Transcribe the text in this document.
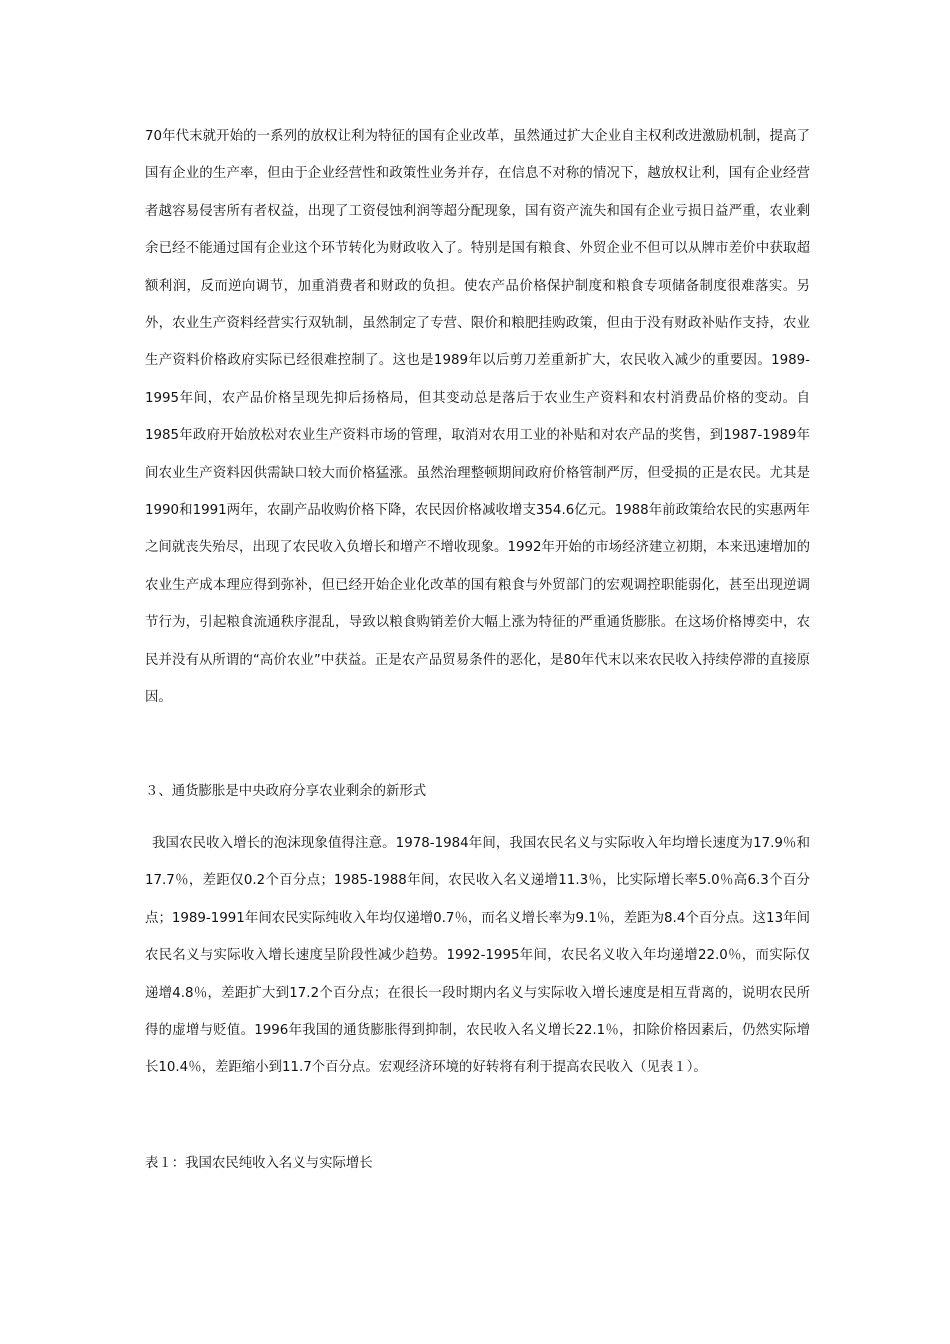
70年代末就开始的一系列的放权让利为特征的国有企业改革，虽然通过扩大企业自主权利改进激励机制，提高了国有企业的生产率，但由于企业经营性和政策性业务并存，在信息不对称的情况下，越放权让利，国有企业经营者越容易侵害所有者权益，出现了工资侵蚀利润等超分配现象，国有资产流失和国有企业亏损日益严重，农业剩余已经不能通过国有企业这个环节转化为财政收入了。特别是国有粮食、外贸企业不但可以从牌市差价中获取超额利润，反而逆向调节，加重消费者和财政的负担。使农产品价格保护制度和粮食专项储备制度很难落实。另外，农业生产资料经营实行双轨制，虽然制定了专营、限价和粮肥挂购政策，但由于没有财政补贴作支持，农业生产资料价格政府实际已经很难控制了。这也是1989年以后剪刀差重新扩大，农民收入减少的重要因。1989-1995年间，农产品价格呈现先抑后扬格局，但其变动总是落后于农业生产资料和农村消费品价格的变动。自1985年政府开始放松对农业生产资料市场的管理，取消对农用工业的补贴和对农产品的奖售，到1987-1989年间农业生产资料因供需缺口较大而价格猛涨。虽然治理整顿期间政府价格管制严厉，但受损的正是农民。尤其是1990和1991两年，农副产品收购价格下降，农民因价格减收增支354.6亿元。1988年前政策给农民的实惠两年之间就丧失殆尽，出现了农民收入负增长和增产不增收现象。1992年开始的市场经济建立初期，本来迅速增加的农业生产成本理应得到弥补，但已经开始企业化改革的国有粮食与外贸部门的宏观调控职能弱化，甚至出现逆调节行为，引起粮食流通秩序混乱，导致以粮食购销差价大幅上涨为特征的严重通货膨胀。在这场价格博奕中，农民并没有从所谓的“高价农业”中获益。正是农产品贸易条件的恶化，是80年代末以来农民收入持续停滞的直接原因。

３、通货膨胀是中央政府分享农业剩余的新形式

我国农民收入增长的泡沫现象值得注意。1978-1984年间，我国农民名义与实际收入年均增长速度为17.9％和17.7％，差距仅0.2个百分点；1985-1988年间，农民收入名义递增11.3％，比实际增长率5.0％高6.3个百分点；1989-1991年间农民实际纯收入年均仅递增0.7％，而名义增长率为9.1％，差距为8.4个百分点。这13年间农民名义与实际收入增长速度呈阶段性减少趋势。1992-1995年间，农民名义收入年均递增22.0％，而实际仅递增4.8％，差距扩大到17.2个百分点；在很长一段时期内名义与实际收入增长速度是相互背离的，说明农民所得的虚增与贬值。1996年我国的通货膨胀得到抑制，农民收入名义增长22.1％，扣除价格因素后，仍然实际增长10.4％，差距缩小到11.7个百分点。宏观经济环境的好转将有利于提高农民收入（见表１）。

表１：我国农民纯收入名义与实际增长
